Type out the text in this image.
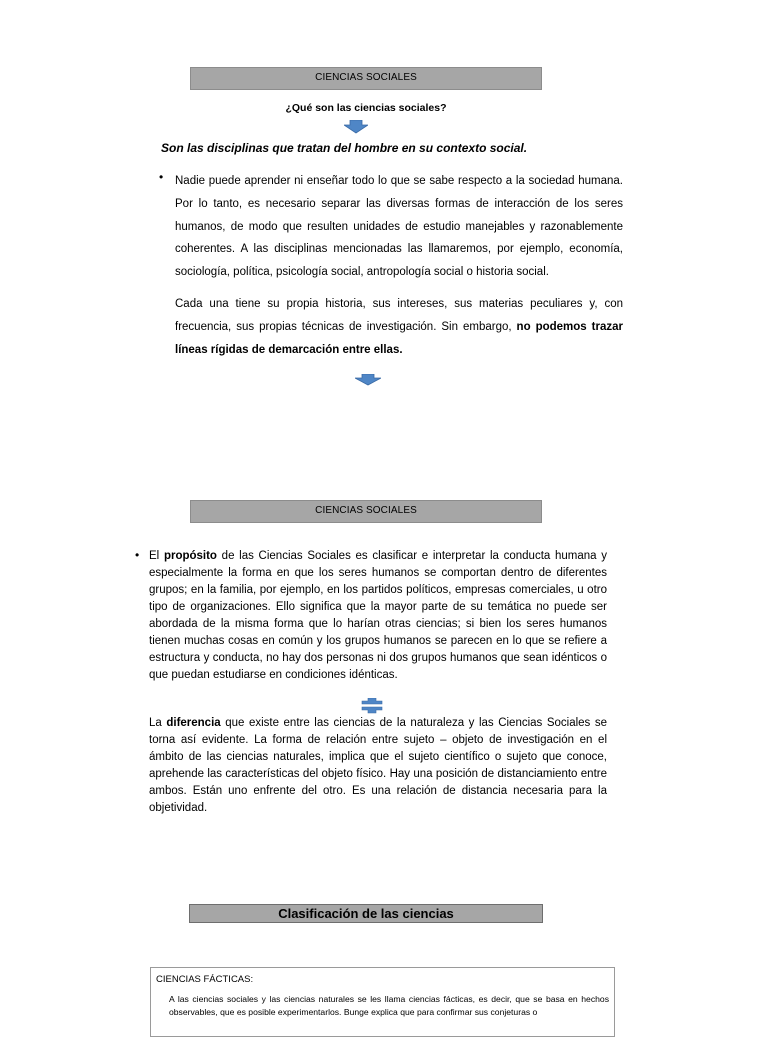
CIENCIAS SOCIALES
¿Qué son las ciencias sociales?
Son las disciplinas que tratan del hombre en su contexto social.
• Nadie puede aprender ni enseñar todo lo que se sabe respecto a la sociedad humana. Por lo tanto, es necesario separar las diversas formas de interacción de los seres humanos, de modo que resulten unidades de estudio manejables y razonablemente coherentes. A las disciplinas mencionadas las llamaremos, por ejemplo, economía, sociología, política, psicología social, antropología social o historia social.
Cada una tiene su propia historia, sus intereses, sus materias peculiares y, con frecuencia, sus propias técnicas de investigación. Sin embargo, no podemos trazar líneas rígidas de demarcación entre ellas.
CIENCIAS SOCIALES
• El propósito de las Ciencias Sociales es clasificar e interpretar la conducta humana y especialmente la forma en que los seres humanos se comportan dentro de diferentes grupos; en la familia, por ejemplo, en los partidos políticos, empresas comerciales, u otro tipo de organizaciones. Ello significa que la mayor parte de su temática no puede ser abordada de la misma forma que lo harían otras ciencias; si bien los seres humanos tienen muchas cosas en común y los grupos humanos se parecen en lo que se refiere a estructura y conducta, no hay dos personas ni dos grupos humanos que sean idénticos o que puedan estudiarse en condiciones idénticas.
La diferencia que existe entre las ciencias de la naturaleza y las Ciencias Sociales se torna así evidente. La forma de relación entre sujeto – objeto de investigación en el ámbito de las ciencias naturales, implica que el sujeto científico o sujeto que conoce, aprehende las características del objeto físico. Hay una posición de distanciamiento entre ambos. Están uno enfrente del otro. Es una relación de distancia necesaria para la objetividad.
Clasificación de las ciencias
CIENCIAS FÁCTICAS:
A las ciencias sociales y las ciencias naturales se les llama ciencias fácticas, es decir, que se basa en hechos observables, que es posible experimentarlos. Bunge explica que para confirmar sus conjeturas o
